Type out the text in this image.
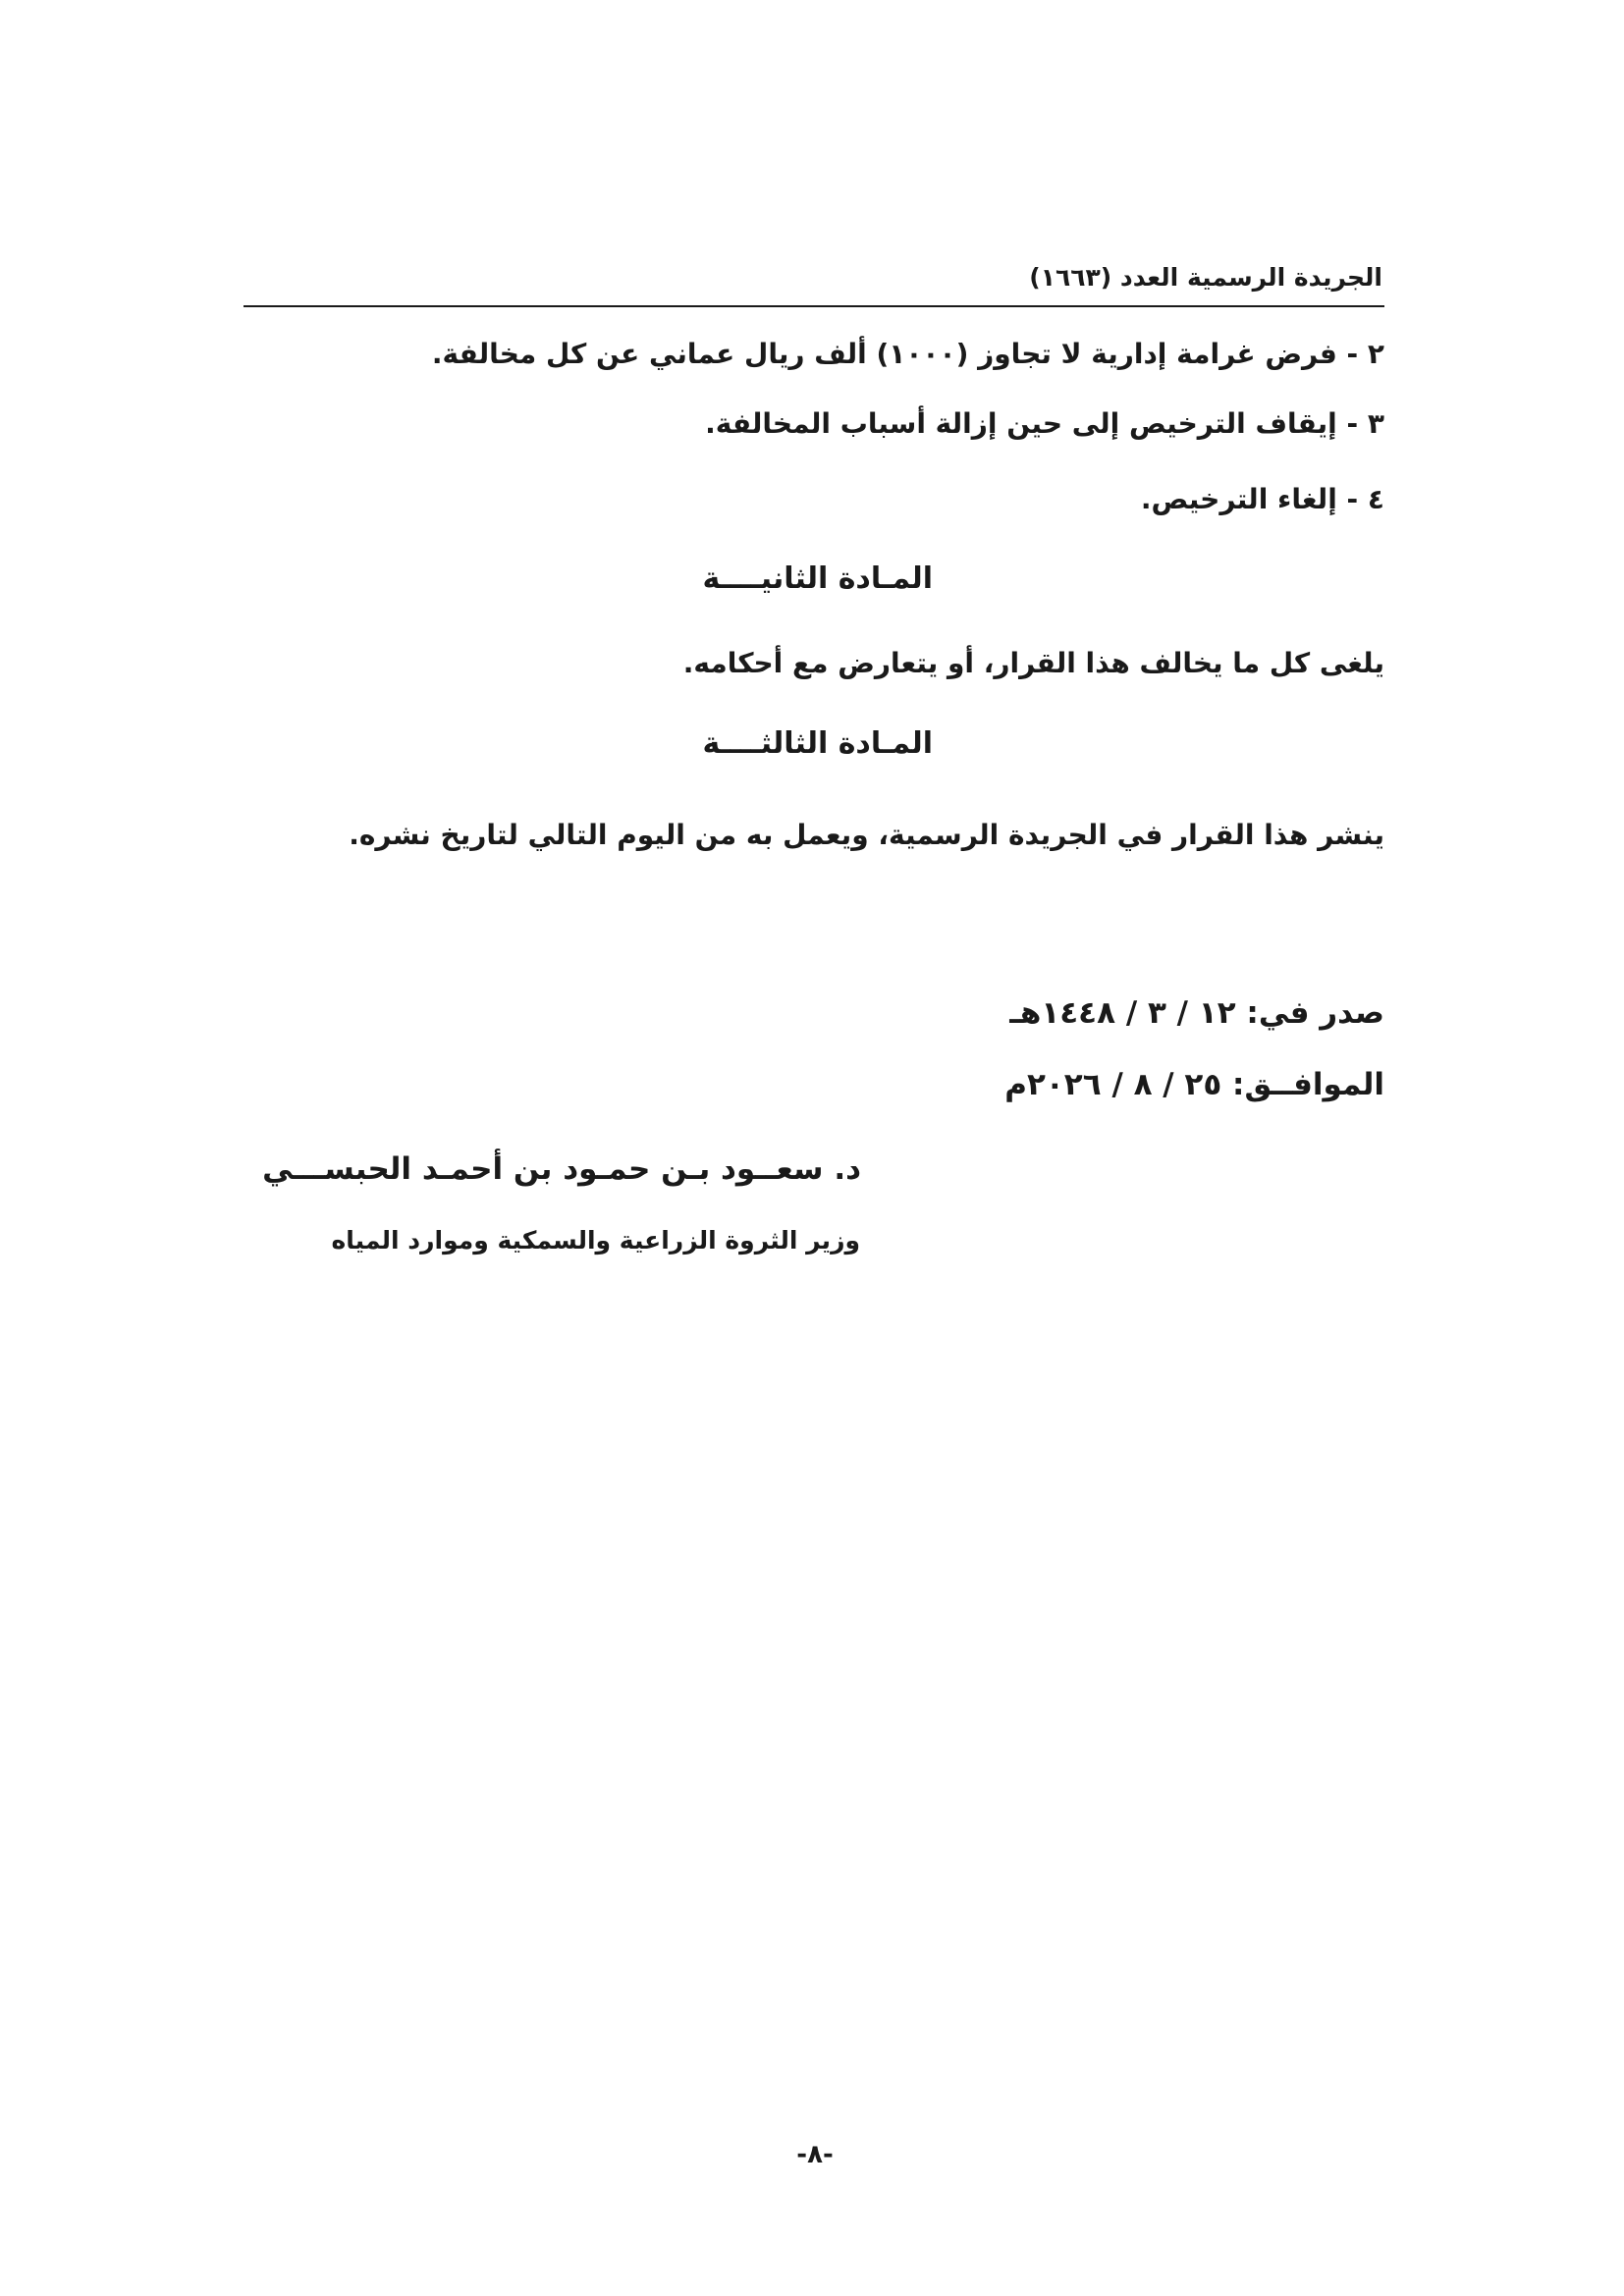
الجريدة الرسمية العدد (١٦٦٣)
٢ - فرض غرامة إدارية لا تجاوز (١٠٠٠) ألف ريال عماني عن كل مخالفة.
٣ - إيقاف الترخيص إلى حين إزالة أسباب المخالفة.
٤ - إلغاء الترخيص.
المـادة الثانيــــة
يلغى كل ما يخالف هذا القرار، أو يتعارض مع أحكامه.
المـادة الثالثــــة
ينشر هذا القرار في الجريدة الرسمية، ويعمل به من اليوم التالي لتاريخ نشره.
صدر في: ١٢ / ٣ / ١٤٤٨هـ
الموافــق: ٢٥ / ٨ / ٢٠٢٦م
د. سعــود بـن حمـود بن أحمـد الحبســـي
وزير الثروة الزراعية والسمكية وموارد المياه
-٨-
